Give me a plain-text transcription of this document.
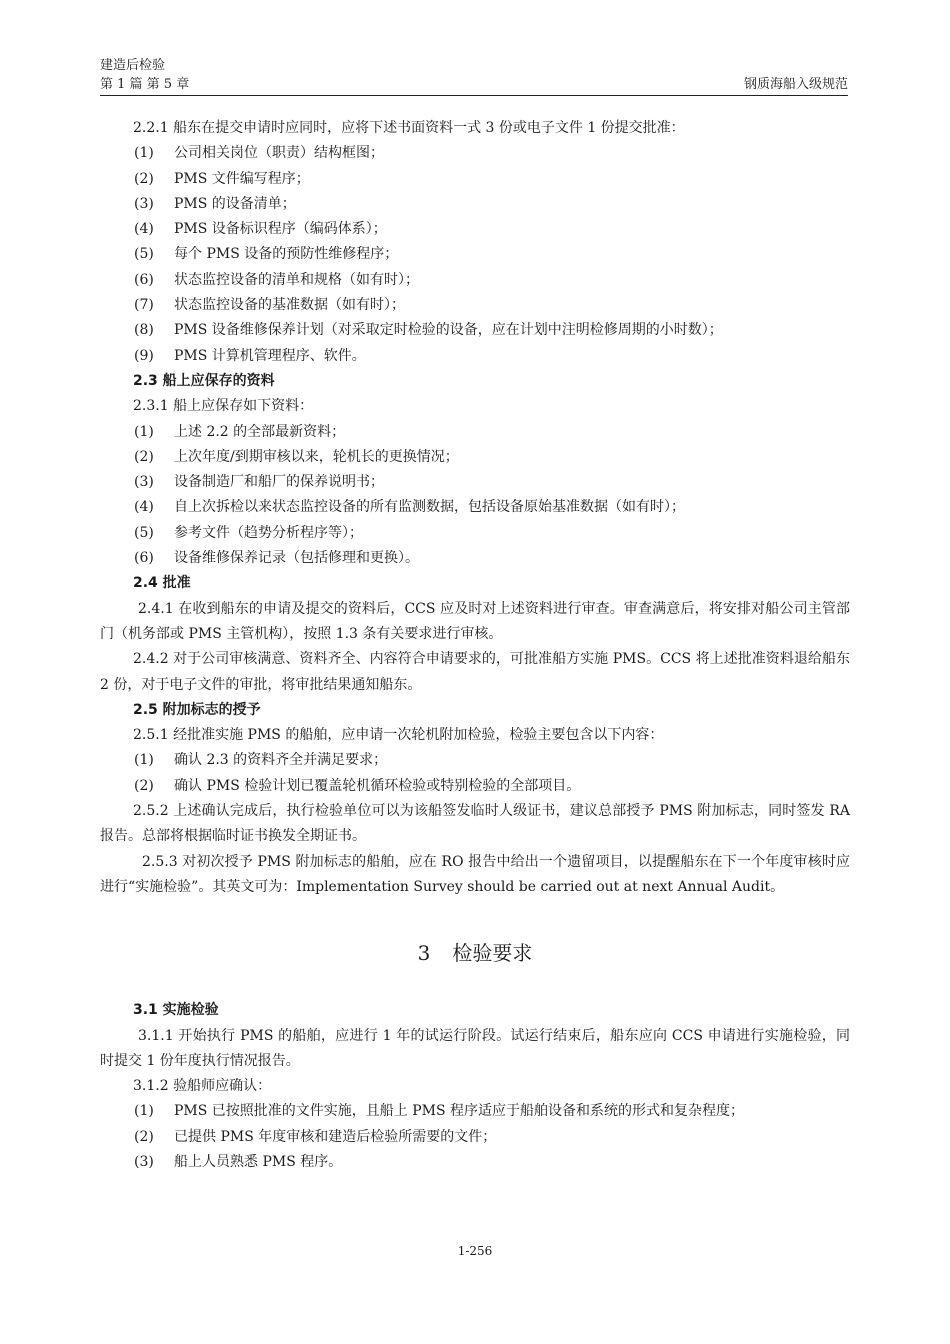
建造后检验
第 1 篇 第 5 章	钢质海船入级规范
2.2.1 船东在提交申请时应同时，应将下述书面资料一式 3 份或电子文件 1 份提交批准：
(1) 公司相关岗位（职责）结构框图；
(2) PMS 文件编写程序；
(3) PMS 的设备清单；
(4) PMS 设备标识程序（编码体系）；
(5) 每个 PMS 设备的预防性维修程序；
(6) 状态监控设备的清单和规格（如有时）；
(7) 状态监控设备的基准数据（如有时）；
(8) PMS 设备维修保养计划（对采取定时检验的设备，应在计划中注明检修周期的小时数）；
(9) PMS 计算机管理程序、软件。
2.3 船上应保存的资料
2.3.1 船上应保存如下资料：
(1) 上述 2.2 的全部最新资料；
(2) 上次年度/到期审核以来，轮机长的更换情况；
(3) 设备制造厂和船厂的保养说明书；
(4) 自上次拆检以来状态监控设备的所有监测数据，包括设备原始基准数据（如有时）；
(5) 参考文件（趋势分析程序等）；
(6) 设备维修保养记录（包括修理和更换）。
2.4 批准
2.4.1 在收到船东的申请及提交的资料后，CCS 应及时对上述资料进行审查。审查满意后，将安排对船公司主管部门（机务部或 PMS 主管机构），按照 1.3 条有关要求进行审核。
2.4.2 对于公司审核满意、资料齐全、内容符合申请要求的，可批准船方实施 PMS。CCS 将上述批准资料退给船东 2 份，对于电子文件的审批，将审批结果通知船东。
2.5 附加标志的授予
2.5.1 经批准实施 PMS 的船舶，应申请一次轮机附加检验，检验主要包含以下内容：
(1) 确认 2.3 的资料齐全并满足要求；
(2) 确认 PMS 检验计划已覆盖轮机循环检验或特别检验的全部项目。
2.5.2 上述确认完成后，执行检验单位可以为该船签发临时人级证书，建议总部授予 PMS 附加标志，同时签发 RA 报告。总部将根据临时证书换发全期证书。
2.5.3 对初次授予 PMS 附加标志的船舶，应在 RO 报告中给出一个遗留项目，以提醒船东在下一个年度审核时应进行“实施检验”。其英文可为：Implementation Survey should be carried out at next Annual Audit。
3 检验要求
3.1 实施检验
3.1.1 开始执行 PMS 的船舶，应进行 1 年的试运行阶段。试运行结束后，船东应向 CCS 申请进行实施检验，同时提交 1 份年度执行情况报告。
3.1.2 验船师应确认：
(1) PMS 已按照批准的文件实施，且船上 PMS 程序适应于船舶设备和系统的形式和复杂程度；
(2) 已提供 PMS 年度审核和建造后检验所需要的文件；
(3) 船上人员熟悉 PMS 程序。
1-256
